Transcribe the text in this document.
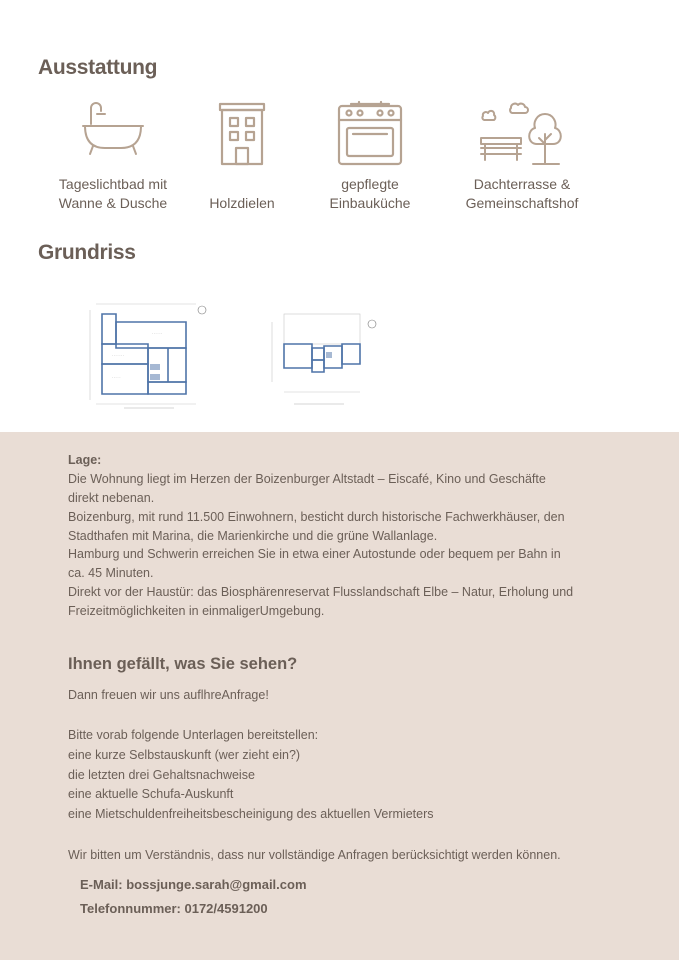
Ausstattung
Tageslichtbad mit
Wanne & Dusche	Holzdielen
gepflegte
Einbauküche
Dachterrasse &
Gemeinschaftshof
Grundriss
- - - - - -
- - - - - - -
- - - - -
Lage:
Die Wohnung liegt im Herzen der Boizenburger Altstadt – Eiscafé, Kino und Geschäfte
direkt nebenan.
Boizenburg, mit rund 11.500 Einwohnern, besticht durch historische Fachwerkhäuser, den
Stadthafen mit Marina, die Marienkirche und die grüne Wallanlage.
Hamburg und Schwerin erreichen Sie in etwa einer Autostunde oder bequem per Bahn in
ca. 45 Minuten.
Direkt vor der Haustür: das Biosphärenreservat Flusslandschaft Elbe – Natur, Erholung und
Freizeitmöglichkeiten in einmaligerUmgebung.
Ihnen gefällt, was Sie sehen?
Dann freuen wir uns auflhreAnfrage!
Bitte vorab folgende Unterlagen bereitstellen:
eine kurze Selbstauskunft (wer zieht ein?)
die letzten drei Gehaltsnachweise
eine aktuelle Schufa-Auskunft
eine Mietschuldenfreiheitsbescheinigung des aktuellen Vermieters
Wir bitten um Verständnis, dass nur vollständige Anfragen berücksichtigt werden können.
E-Mail: bossjunge.sarah@gmail.com
Telefonnummer: 0172/4591200
